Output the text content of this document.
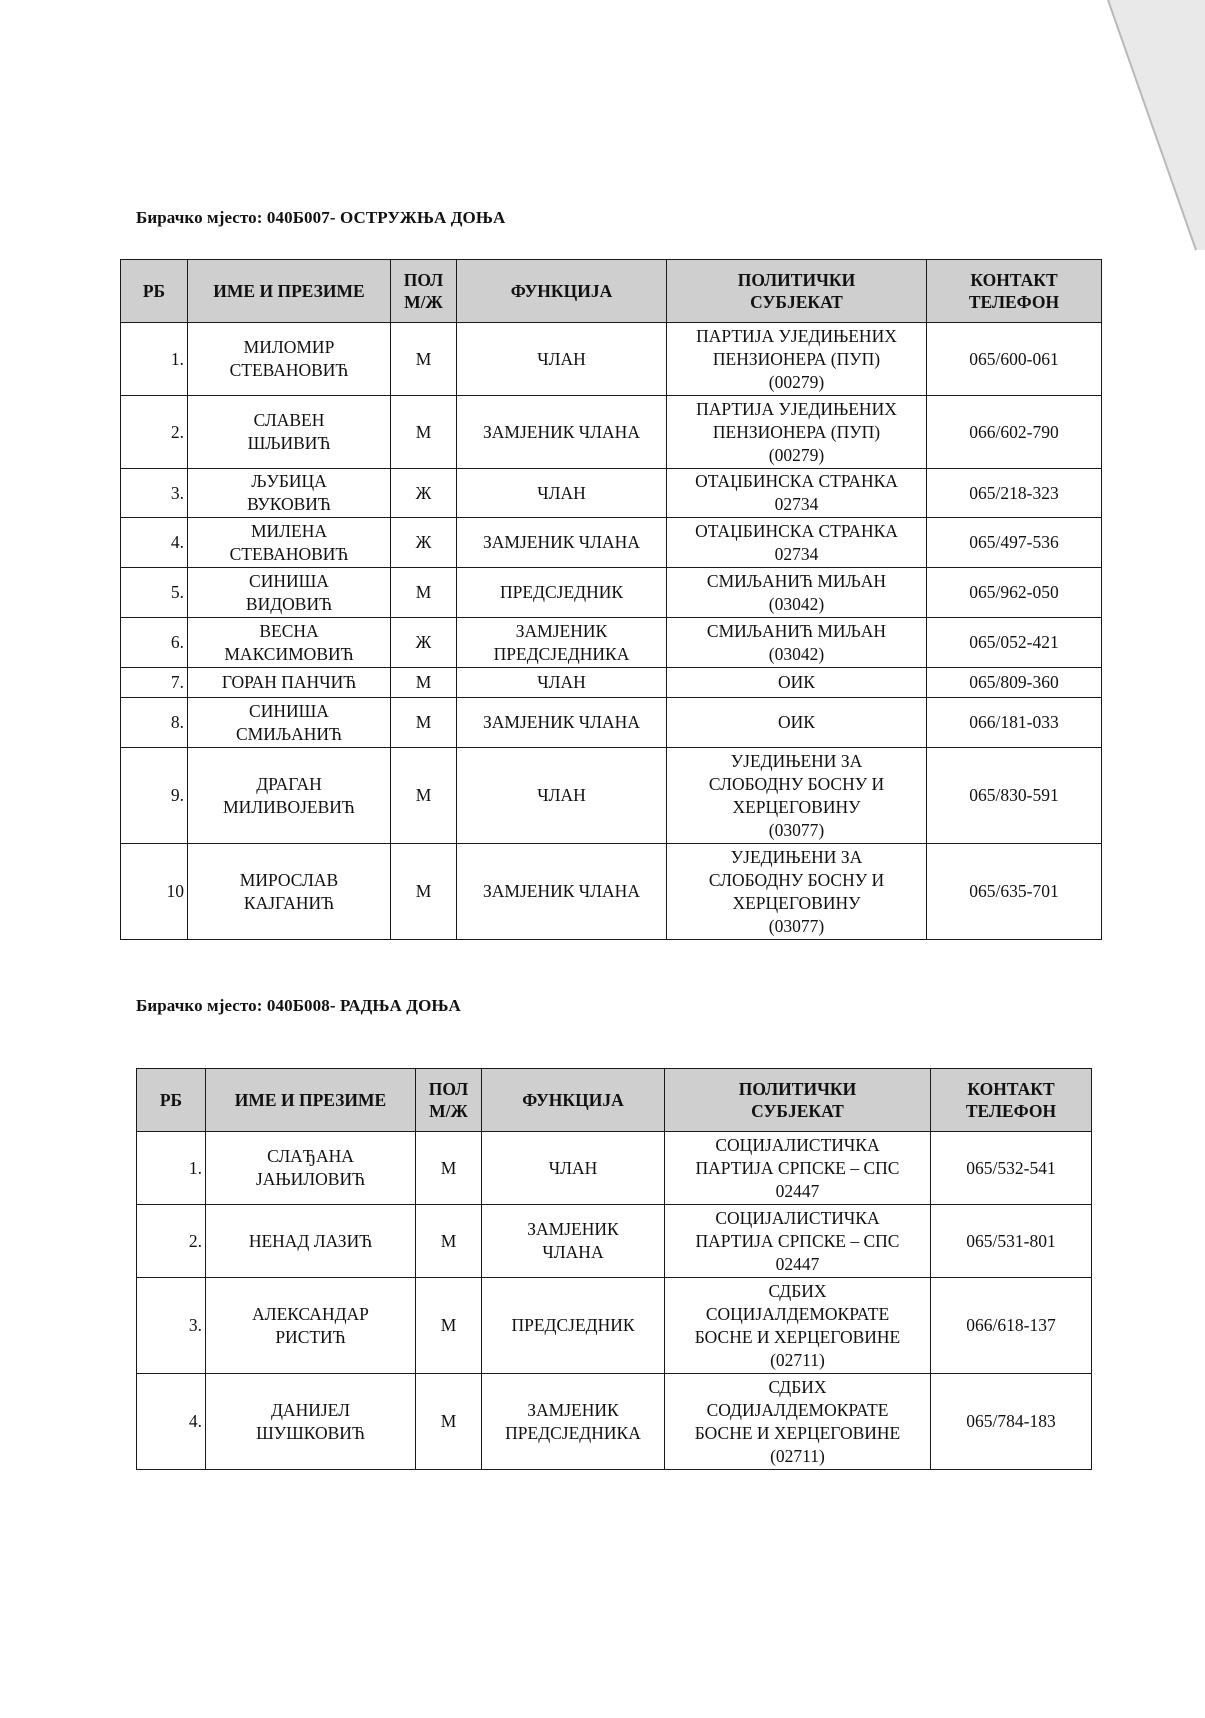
Бирачко мјесто: 040Б007- ОСТРУЖЊА ДОЊА
РБ	ИМЕ И ПРЕЗИМЕ	ПОЛ
М/Ж	ФУНКЦИЈА	ПОЛИТИЧКИ
СУБЈЕКАТ	КОНТАКТ
ТЕЛЕФОН
1.	МИЛОМИР
СТЕВАНОВИЋ	М	ЧЛАН	ПАРТИЈА УЈЕДИЊЕНИХ
ПЕНЗИОНЕРА (ПУП)
(00279)	065/600-061
2.	СЛАВЕН
ШЉИВИЋ	М	ЗАМЈЕНИК ЧЛАНА	ПАРТИЈА УЈЕДИЊЕНИХ
ПЕНЗИОНЕРА (ПУП)
(00279)	066/602-790
3.	ЉУБИЦА
ВУКОВИЋ	Ж	ЧЛАН	ОТАЏБИНСКА СТРАНКА
02734	065/218-323
4.	МИЛЕНА
СТЕВАНОВИЋ	Ж	ЗАМЈЕНИК ЧЛАНА	ОТАЏБИНСКА СТРАНКА
02734	065/497-536
5.	СИНИША
ВИДОВИЋ	М	ПРЕДСЈЕДНИК	СМИЉАНИЋ МИЉАН
(03042)	065/962-050
6.	ВЕСНА
МАКСИМОВИЋ	Ж	ЗАМЈЕНИК
ПРЕДСЈЕДНИКА	СМИЉАНИЋ МИЉАН
(03042)	065/052-421
7.	ГОРАН ПАНЧИЋ	М	ЧЛАН	ОИК	065/809-360
8.	СИНИША
СМИЉАНИЋ	М	ЗАМЈЕНИК ЧЛАНА	ОИК	066/181-033
9.	ДРАГАН
МИЛИВОЈЕВИЋ	М	ЧЛАН	УЈЕДИЊЕНИ ЗА
СЛОБОДНУ БОСНУ И
ХЕРЦЕГОВИНУ
(03077)	065/830-591
10	МИРОСЛАВ
КАЈГАНИЋ	М	ЗАМЈЕНИК ЧЛАНА	УЈЕДИЊЕНИ ЗА
СЛОБОДНУ БОСНУ И
ХЕРЦЕГОВИНУ
(03077)	065/635-701
Бирачко мјесто: 040Б008- РАДЊА ДОЊА
РБ	ИМЕ И ПРЕЗИМЕ	ПОЛ
М/Ж	ФУНКЦИЈА	ПОЛИТИЧКИ
СУБЈЕКАТ	КОНТАКТ
ТЕЛЕФОН
1.	СЛАЂАНА
ЈАЊИЛОВИЋ	М	ЧЛАН	СОЦИЈАЛИСТИЧКА
ПАРТИЈА СРПСКЕ – СПС
02447	065/532-541
2.	НЕНАД ЛАЗИЋ	М	ЗАМЈЕНИК
ЧЛАНА	СОЦИЈАЛИСТИЧКА
ПАРТИЈА СРПСКЕ – СПС
02447	065/531-801
3.	АЛЕКСАНДАР
РИСТИЋ	М	ПРЕДСЈЕДНИК	СДБИХ
СОЦИЈАЛДЕМОКРАТЕ
БОСНЕ И ХЕРЦЕГОВИНЕ
(02711)	066/618-137
4.	ДАНИЈЕЛ
ШУШКОВИЋ	М	ЗАМЈЕНИК
ПРЕДСЈЕДНИКА	СДБИХ
СОДИЈАЛДЕМОКРАТЕ
БОСНЕ И ХЕРЦЕГОВИНЕ
(02711)	065/784-183
